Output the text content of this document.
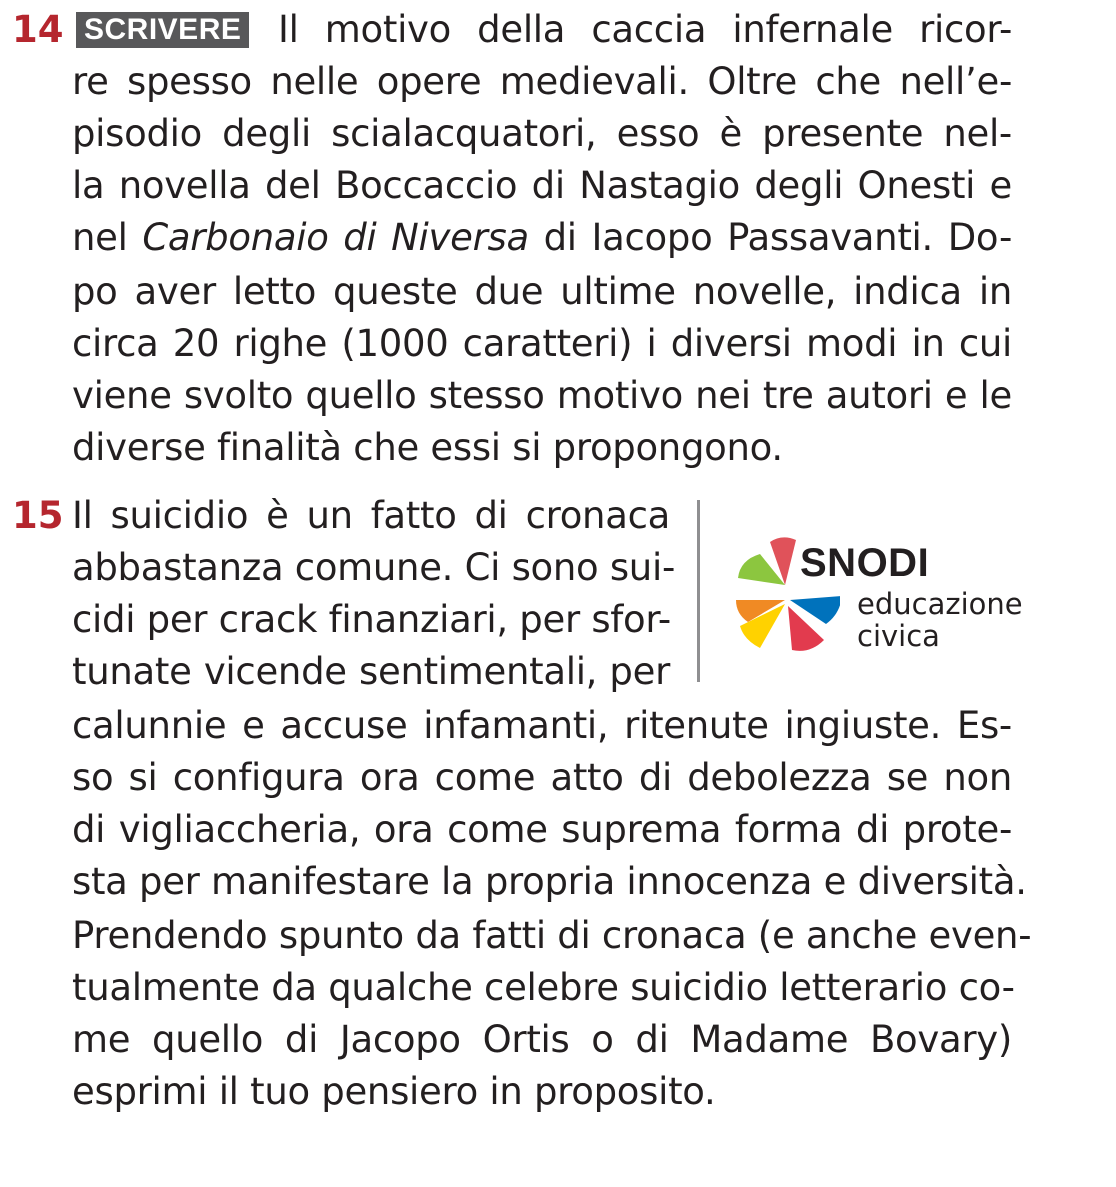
14 SCRIVERE Il motivo della caccia infernale ricor-
re spesso nelle opere medievali. Oltre che nell’e-
pisodio degli scialacquatori, esso è presente nel-
la novella del Boccaccio di Nastagio degli Onesti e
nel Carbonaio di Niversa di Iacopo Passavanti. Do-
po aver letto queste due ultime novelle, indica in
circa 20 righe (1000 caratteri) i diversi modi in cui
viene svolto quello stesso motivo nei tre autori e le
diverse finalità che essi si propongono.
15 Il suicidio è un fatto di cronaca
abbastanza comune. Ci sono sui-
cidi per crack finanziari, per sfor-
tunate vicende sentimentali, per
calunnie e accuse infamanti, ritenute ingiuste. Es-
so si configura ora come atto di debolezza se non
di vigliaccheria, ora come suprema forma di prote-
sta per manifestare la propria innocenza e diversità.
Prendendo spunto da fatti di cronaca (e anche even-
tualmente da qualche celebre suicidio letterario co-
me quello di Jacopo Ortis o di Madame Bovary)
esprimi il tuo pensiero in proposito.
SNODI
educazione
civica
